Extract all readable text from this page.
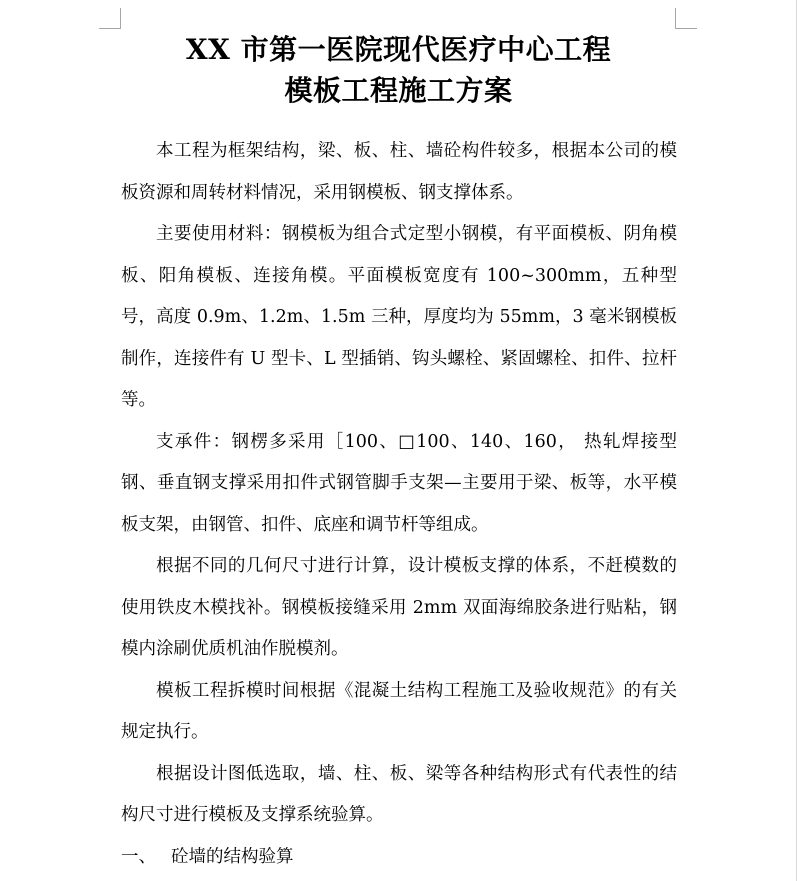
XX 市第一医院现代医疗中心工程
模板工程施工方案

本工程为框架结构，梁、板、柱、墙砼构件较多，根据本公司的模板资源和周转材料情况，采用钢模板、钢支撑体系。

主要使用材料：钢模板为组合式定型小钢模，有平面模板、阴角模板、阳角模板、连接角模。平面模板宽度有 100~300mm，五种型号，高度 0.9m、1.2m、1.5m 三种，厚度均为 55mm，3 毫米钢模板制作，连接件有 U 型卡、L 型插销、钩头螺栓、紧固螺栓、扣件、拉杆等。

支承件：钢楞多采用［100、□100、140、160， 热轧焊接型钢、垂直钢支撑采用扣件式钢管脚手支架—主要用于梁、板等，水平模板支架，由钢管、扣件、底座和调节杆等组成。

根据不同的几何尺寸进行计算，设计模板支撑的体系，不赶模数的使用铁皮木模找补。钢模板接缝采用 2mm 双面海绵胶条进行贴粘，钢模内涂刷优质机油作脱模剂。

模板工程拆模时间根据《混凝土结构工程施工及验收规范》的有关规定执行。

根据设计图低选取，墙、柱、板、梁等各种结构形式有代表性的结构尺寸进行模板及支撑系统验算。

一、 砼墙的结构验算
